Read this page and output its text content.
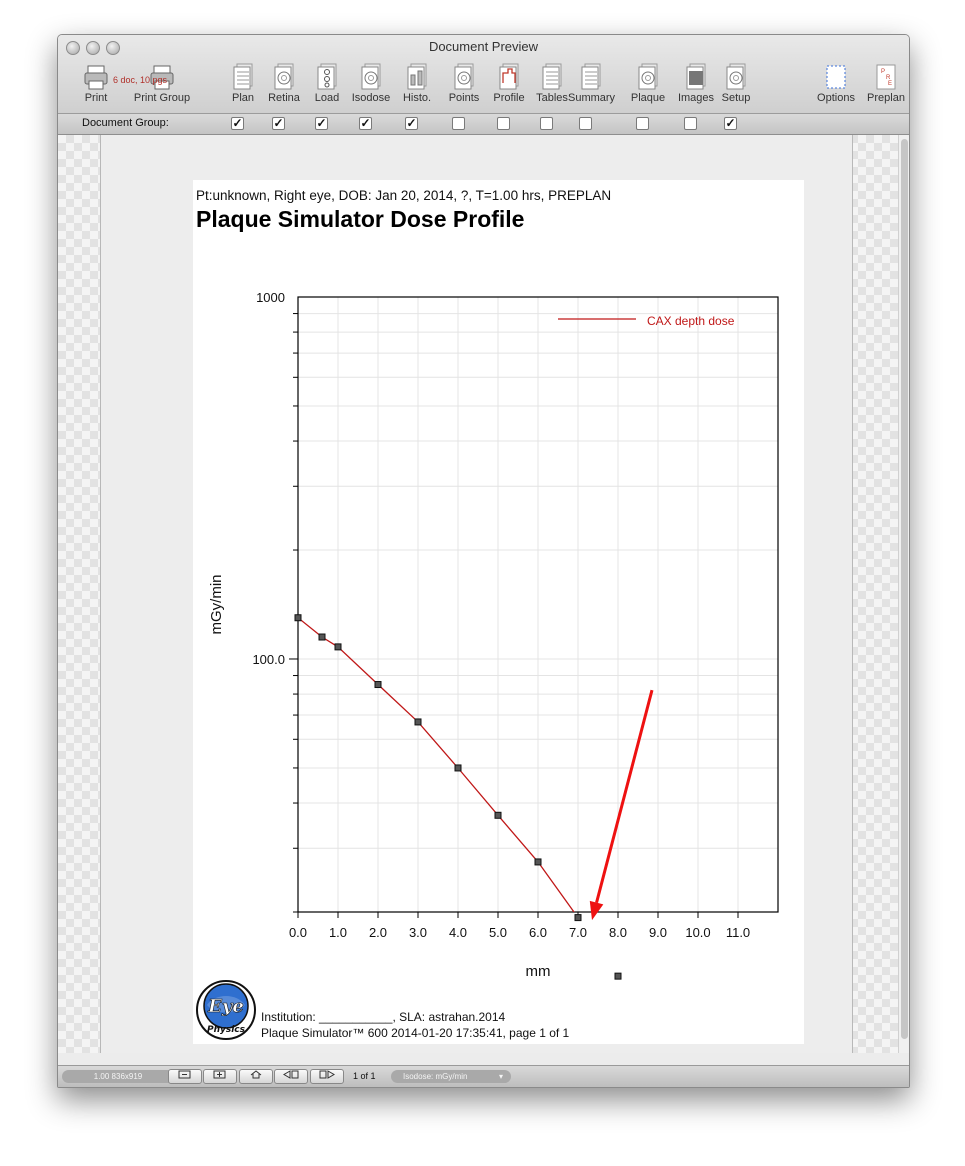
Document Preview
Print	Print Group
6 doc, 10 pgs
Plan	Retina	Load	Isodose	Histo.	Points	Profile	Tables Summary	Plaque	Images Setup	Options
P
R
E
Preplan
Document Group:	✓	✓	✓	✓	✓	✓
1.00 836x919	1 of 1	Isodose: mGy/min	▾
Pt:unknown, Right eye, DOB: Jan 20, 2014, ?, T=1.00 hrs, PREPLAN
Plaque Simulator Dose Profile
0.0 1.0 2.0 3.0 4.0 5.0 6.0 7.0 8.0 9.0 10.0 11.0
1000
100.0
mm
mGy/min
CAX depth dose
Eye
Physics
Institution: ___________, SLA: astrahan.2014
Plaque Simulator™ 600 2014-01-20 17:35:41, page 1 of 1
